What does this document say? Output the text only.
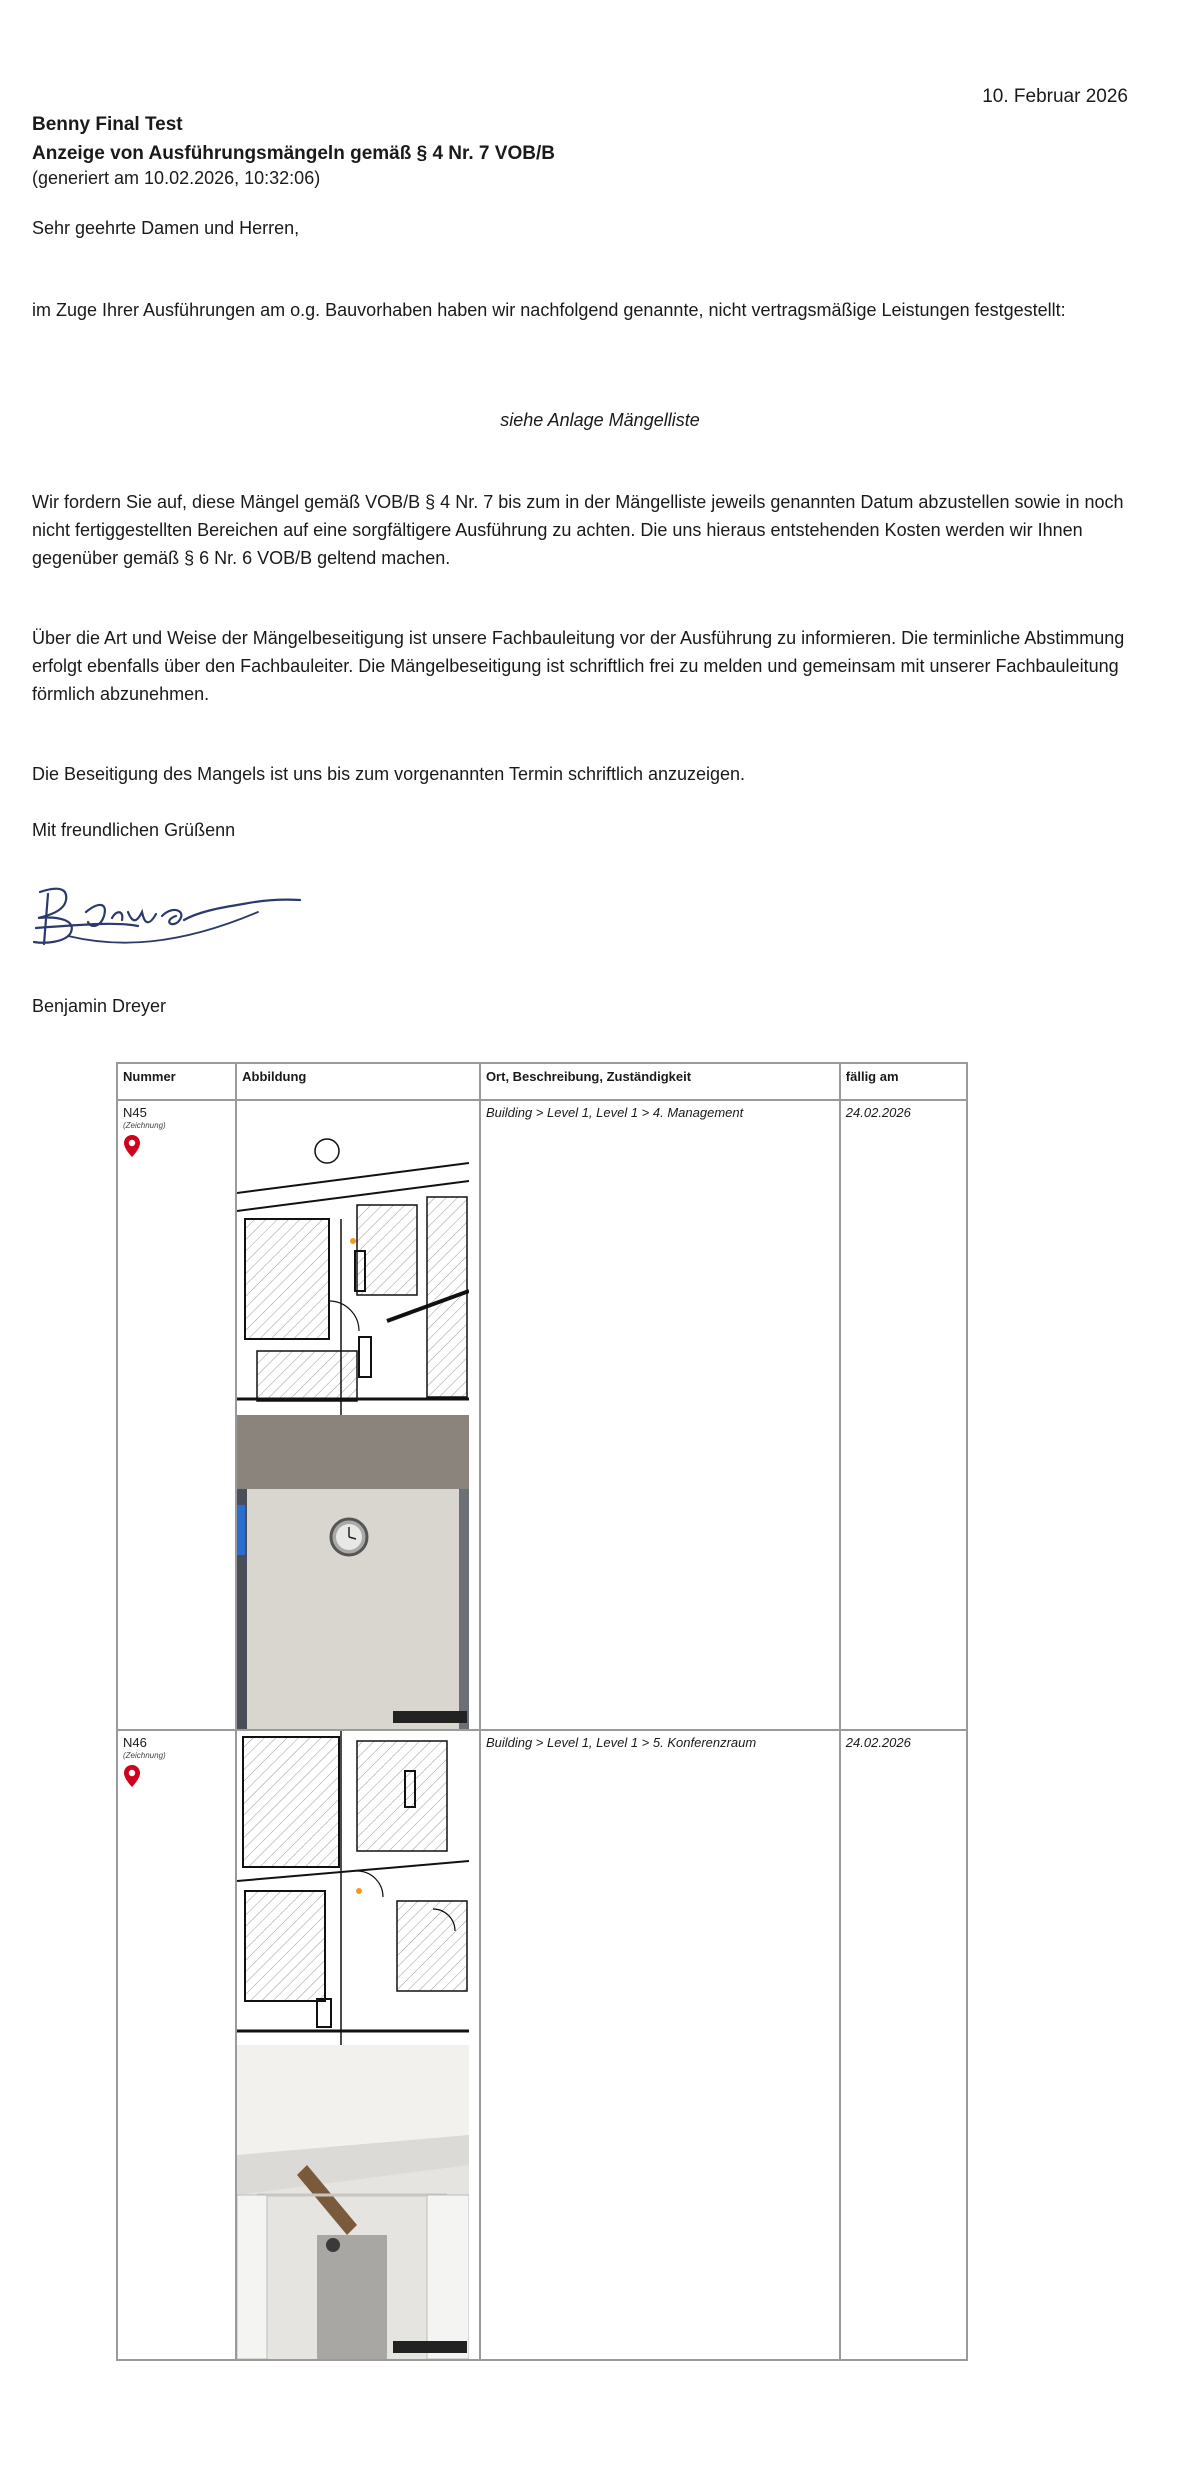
10. Februar 2026
Benny Final Test
Anzeige von Ausführungsmängeln gemäß § 4 Nr. 7 VOB/B
(generiert am 10.02.2026, 10:32:06)
Sehr geehrte Damen und Herren,
im Zuge Ihrer Ausführungen am o.g. Bauvorhaben haben wir nachfolgend genannte, nicht vertragsmäßige Leistungen festgestellt:
siehe Anlage Mängelliste
Wir fordern Sie auf, diese Mängel gemäß VOB/B § 4 Nr. 7 bis zum in der Mängelliste jeweils genannten Datum abzustellen sowie in noch nicht fertiggestellten Bereichen auf eine sorgfältigere Ausführung zu achten. Die uns hieraus entstehenden Kosten werden wir Ihnen gegenüber gemäß § 6 Nr. 6 VOB/B geltend machen.
Über die Art und Weise der Mängelbeseitigung ist unsere Fachbauleitung vor der Ausführung zu informieren. Die terminliche Abstimmung erfolgt ebenfalls über den Fachbauleiter. Die Mängelbeseitigung ist schriftlich frei zu melden und gemeinsam mit unserer Fachbauleitung förmlich abzunehmen.
Die Beseitigung des Mangels ist uns bis zum vorgenannten Termin schriftlich anzuzeigen.
Mit freundlichen Grüßenn
Benjamin Dreyer
Nummer	Abbildung	Ort, Beschreibung, Zuständigkeit	fällig am

N45
(Zeichnung)		Building > Level 1, Level 1 > 4. Management	24.02.2026

N46
(Zeichnung)		Building > Level 1, Level 1 > 5. Konferenzraum	24.02.2026
